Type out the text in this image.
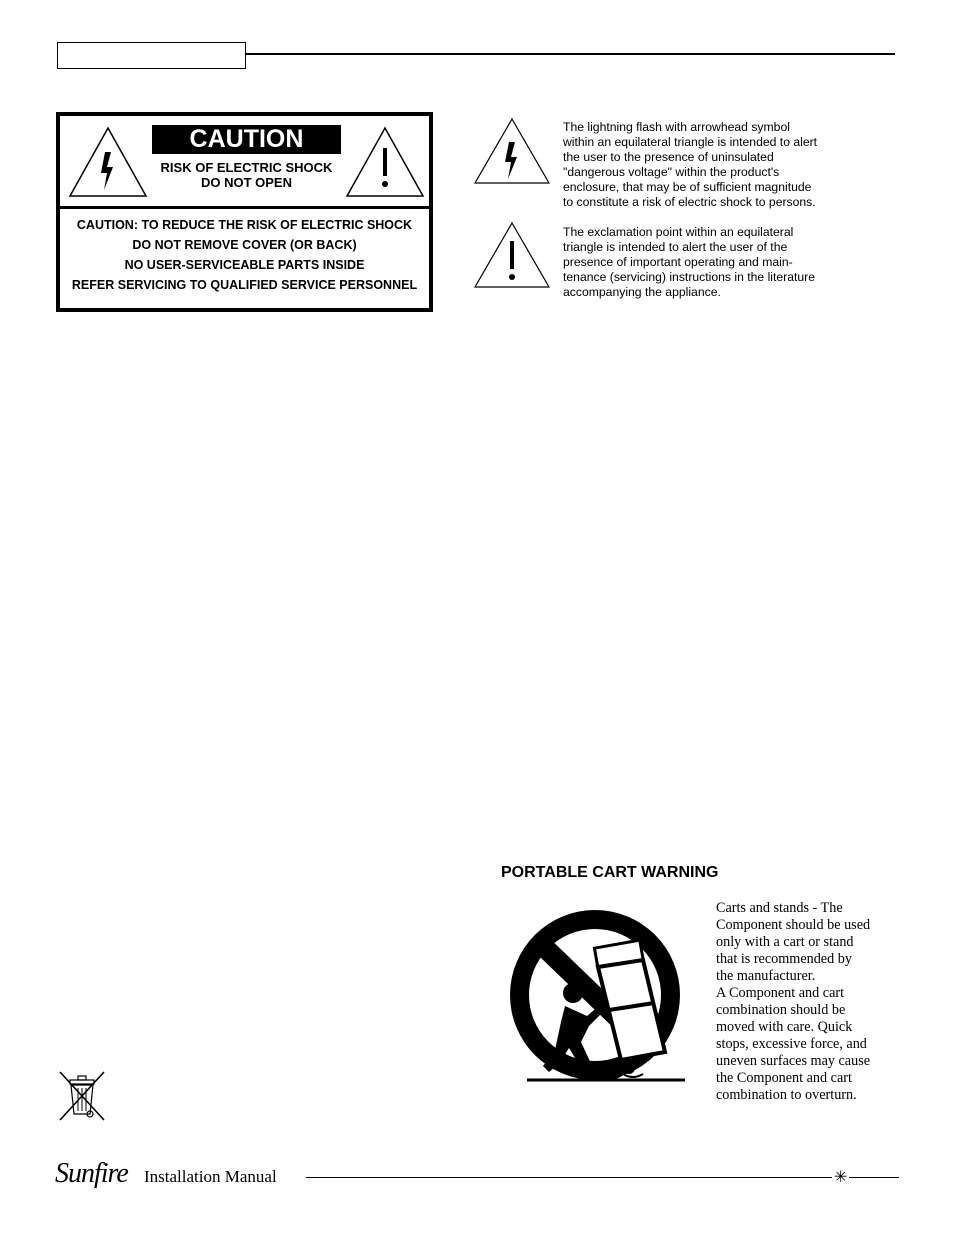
CAUTION
RISK OF ELECTRIC SHOCK
DO NOT OPEN
CAUTION: TO REDUCE THE RISK OF ELECTRIC SHOCK
DO NOT REMOVE COVER (OR BACK)
NO USER-SERVICEABLE PARTS INSIDE
REFER SERVICING TO QUALIFIED SERVICE PERSONNEL
The lightning flash with arrowhead symbol
within an equilateral triangle is intended to alert
the user to the presence of uninsulated
"dangerous voltage" within the product's
enclosure, that may be of sufficient magnitude
to constitute a risk of electric shock to persons.
The exclamation point within an equilateral
triangle is intended to alert the user of the
presence of important operating and main-
tenance (servicing) instructions in the literature
accompanying the appliance.
PORTABLE CART WARNING
Carts and stands - The
Component should be used
only with a cart or stand
that is recommended by
the manufacturer.
A Component and cart
combination should be
moved with care. Quick
stops, excessive force, and
uneven surfaces may cause
the Component and cart
combination to overturn.
Sunfire Installation Manual	✳
